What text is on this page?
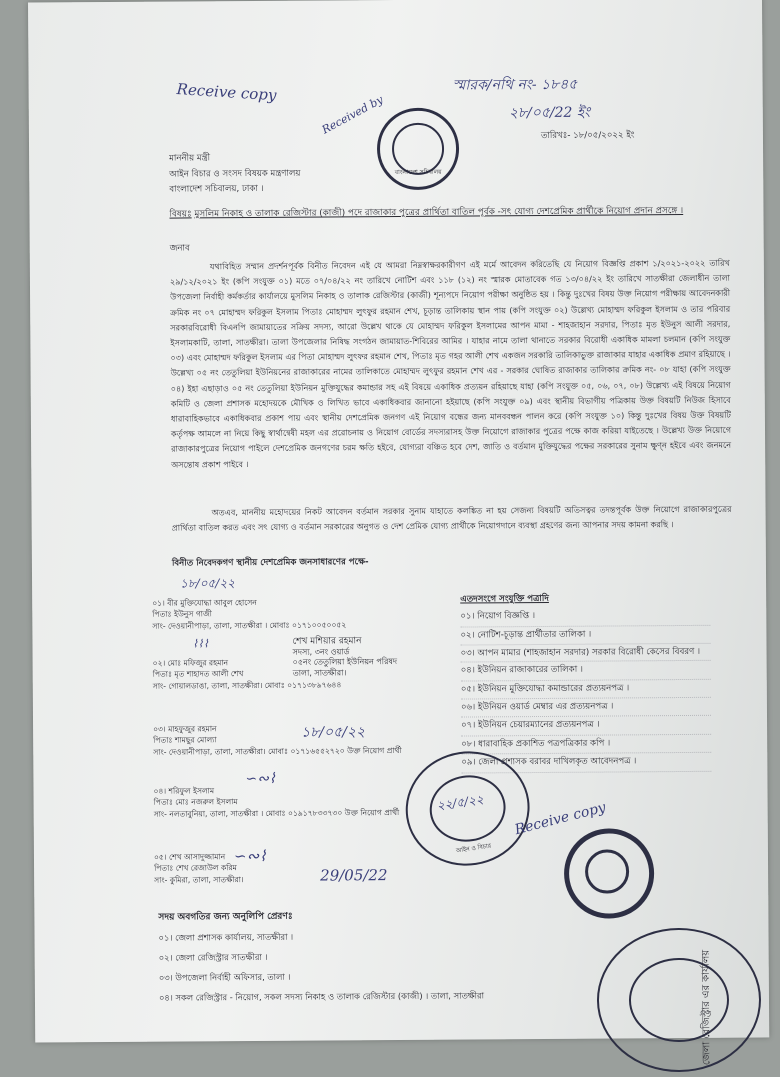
Receive copy
Received by
বাংলাদেশ সচিবালয়
স্মারক/নথি নং- ১৮৪৫
২৮/০৫/22 ইং
তারিখঃ- ১৮/০৫/২০২২ ইং
মাননীয় মন্ত্রী
আইন বিচার ও সংসদ বিষয়ক মন্ত্রণালয়
বাংলাদেশ সচিবালয়, ঢাকা ।
বিষয়ঃ মুসলিম নিকাহ ও তালাক রেজিস্টার (কাজী) পদে রাজাকার পুত্রের প্রার্থিতা বাতিল পূর্বক -সৎ যোগ্য দেশপ্রেমিক প্রার্থীকে নিয়োগ প্রদান প্রসঙ্গে ।
জনাব
যথাবিহিত সম্মান প্রদর্শনপূর্বক বিনীত নিবেদন এই যে আমরা নিম্নস্বাক্ষরকারীগণ এই মর্মে আবেদন করিতেছি যে নিয়োগ বিজ্ঞপ্তি প্রকাশ ১/২০২১-২০২২ তারিখ ২৯/১২/২০২১ ইং (কপি সংযুক্ত ০১) মতে ০৭/০৪/২২ নং তারিখে নোটিশ এবং ১১৮ (১২) নং স্মারক মোতাবেক গত ১৩/০৪/২২ ইং তারিখে সাতক্ষীরা জেলাধীন তালা উপজেলা নির্বাহী কর্মকর্তার কার্যালয়ে মুসলিম নিকাহ ও তালাক রেজিস্টার (কাজী) শূন্যপদে নিয়োগ পরীক্ষা অনুষ্ঠিত হয় । কিন্তু দুঃখের বিষয় উক্ত নিয়োগ পরীক্ষায় আবেদনকারী ক্রমিক নং ০৭ মোহাম্মদ ফরিকুল ইসলাম পিতাঃ মোহাম্মদ লুৎফুর রহমান শেখ, চূড়ান্ত তালিকায় স্থান পায় (কপি সংযুক্ত ০২) উল্লেখ্য মোহাম্মদ ফরিকুল ইসলাম ও তার পরিবার সরকারবিরোধী বিএনপি জামায়াতের সক্রিয় সদস্য, আরো উল্লেখ থাকে যে মোহাম্মদ ফরিকুল ইসলামের আপন মামা - শাহজাহান সরদার, পিতাঃ মৃত ইউনুস আলী সরদার, ইসলামকাটি, তালা, সাতক্ষীরা। তালা উপজেলার নিষিদ্ধ সংগঠন জামায়াত-শিবিরের আমির । যাহার নামে তালা থানাতে সরকার বিরোধী একাধিক মামলা চলমান (কপি সংযুক্ত ০৩) এবং মোহাম্মদ ফরিকুল ইসলাম এর পিতা মোহাম্মদ লুৎফর রহমান শেখ, পিতাঃ মৃত গহর আলী শেখ একজন সরকারি তালিকাভুক্ত রাজাকার যাহার একাধিক প্রমাণ রহিয়াছে । উল্লেখ্য ০৫ নং তেতুলিয়া ইউনিয়নের রাজাকারের নামের তালিকাতে মোহাম্মদ লুৎফুর রহমান শেখ এর - সরকার ঘোষিত রাজাকার তালিকার ক্রমিক নং- ০৮ যাহা (কপি সংযুক্ত ০৪) ইহা এছাড়াও ০৫ নং তেতুলিয়া ইউনিয়ন মুক্তিযুদ্ধের কমান্ডার সহ এই বিষয়ে একাধিক প্রত্যয়ন রহিয়াছে যাহা (কপি সংযুক্ত ০৫, ০৬, ০৭, ০৮) উল্লেখ্য এই বিষয়ে নিয়োগ কমিটি ও জেলা প্রশাসক মহোদয়কে মৌখিক ও লিখিত ভাবে একাধিকবার জানানো হইয়াছে (কপি সংযুক্ত ০৯) এবং স্থানীয় বিভাগীয় পত্রিকায় উক্ত বিষয়টি নিউজ হিসাবে ধারাবাহিকভাবে একাধিকবার প্রকাশ পায় এবং স্থানীয় দেশপ্রেমিক জনগণ এই নিয়োগ বন্ধের জন্য মানববন্ধন পালন করে (কপি সংযুক্ত ১০) কিন্তু দুঃখের বিষয় উক্ত বিষয়টি কর্তৃপক্ষ আমলে না নিয়ে কিছু স্বার্থান্বেষী মহল এর প্ররোচনায় ও নিয়োগ বোর্ডের সদস্যরাসহ উক্ত নিয়োগে রাজাকার পুত্রের পক্ষে কাজ করিয়া যাইতেছে । উল্লেখ্য উক্ত নিয়োগে রাজাকারপুত্রের নিয়োগ পাইলে দেশপ্রেমিক জনগণের চরম ক্ষতি হইবে, যোগ্যরা বঞ্চিত হবে দেশ, জাতি ও বর্তমান মুক্তিযুদ্ধের পক্ষের সরকারের সুনাম ক্ষুণ্ন হইবে এবং জনমনে অসন্তোষ প্রকাশ পাইবে ।
অতএব, মাননীয় মহোদয়ের নিকট আবেদন বর্তমান সরকার সুনাম যাহাতে কলঙ্কিত না হয় সেজন্য বিষয়টি অতিসত্বর তদন্তপূর্বক উক্ত নিয়োগে রাজাকারপুত্রের প্রার্থিতা বাতিল করত এবং সৎ যোগ্য ও বর্তমান সরকারের অনুগত ও দেশ প্রেমিক যোগ্য প্রার্থীকে নিয়োগদানে ব্যবস্থা গ্রহণের জন্য আপনার সদয় কামনা করছি ।
বিনীত নিবেদকগণ স্থানীয় দেশপ্রেমিক জনসাধারণের পক্ষে-
১৮/০৫/২২
০১। বীর মুক্তিযোদ্ধা আবুল হোসেন
পিতাঃ ইউনুস গাজী
সাং- দেওয়ানীপাড়া, তালা, সাতক্ষীরা । মোবাঃ ০১৭১০০৫০০৫২
⌇⌇⌇
০২। মোঃ মফিজুর রহমান
পিতাঃ মৃত শাহাদত আলী শেখ
সাং- গোয়ালডাঙা, তালা, সাতক্ষীরা। মোবাঃ ০১৭১৩৮৯৭৬৪৪
শেখ মশিয়ার রহমান
সদস্য, ৩নং ওয়ার্ড
০৫নং তেতুলিয়া ইউনিয়ন পরিষদ
তালা, সাতক্ষীরা।
১৮/০৫/২২
০৩। মাহফুজুর রহমান
পিতাঃ শামছুর মোল্যা
সাং- দেওয়ানীপাড়া, তালা, সাতক্ষীরা। মোবাঃ ০১৭১৬৫৫২৭২০ উক্ত নিয়োগ প্রার্থী
∽∾⌇
০৪। শরিফুল ইসলাম
পিতাঃ মোঃ নজরুল ইসলাম
সাং- নলতাবুনিয়া, তালা, সাতক্ষীরা । মোবাঃ ০১৯১৭৮৩৩৭৩০ উক্ত নিয়োগ প্রার্থী
∽∾⌇
29/05/22
০৫। শেখ আসাদুজ্জামান
পিতাঃ শেখ রেজাউল করিম
সাং- কুমিরা, তালা, সাতক্ষীরা।
এতদসংগে সংযুক্তি পত্রাদি
০১। নিয়োগ বিজ্ঞপ্তি ।
০২। নোটিশ-চূড়ান্ত প্রার্থীতার তালিকা ।
০৩। আপন মামার (শাহজাহান সরদার) সরকার বিরোধী কেসের বিবরণ ।
০৪। ইউনিয়ন রাজাকারের তালিকা ।
০৫। ইউনিয়ন মুক্তিযোদ্ধা কমান্ডারের প্রত্যয়নপত্র ।
০৬। ইউনিয়ন ওয়ার্ড মেম্বার এর প্রত্যয়নপত্র ।
০৭। ইউনিয়ন চেয়ারম্যানের প্রত্যয়নপত্র ।
০৮। ধারাবাহিক প্রকাশিত পত্রপত্রিকার কপি ।
০৯। জেলা প্রশাসক বরাবর দাখিলকৃত আবেদনপত্র ।
২২/৫/২২
আইন ও বিচার
জেলা রেজিস্ট্রার এর কার্যালয়
Receive copy
সদয় অবগতির জন্য অনুলিপি প্রেরণঃ
০১। জেলা প্রশাসক কার্যালয়, সাতক্ষীরা ।
০২। জেলা রেজিস্ট্রার সাতক্ষীরা ।
০৩। উপজেলা নির্বাহী অফিসার, তালা ।
০৪। সকল রেজিস্ট্রার - নিয়োগ, সকল সদস্য নিকাহ ও তালাক রেজিস্টার (কাজী) । তালা, সাতক্ষীরা
